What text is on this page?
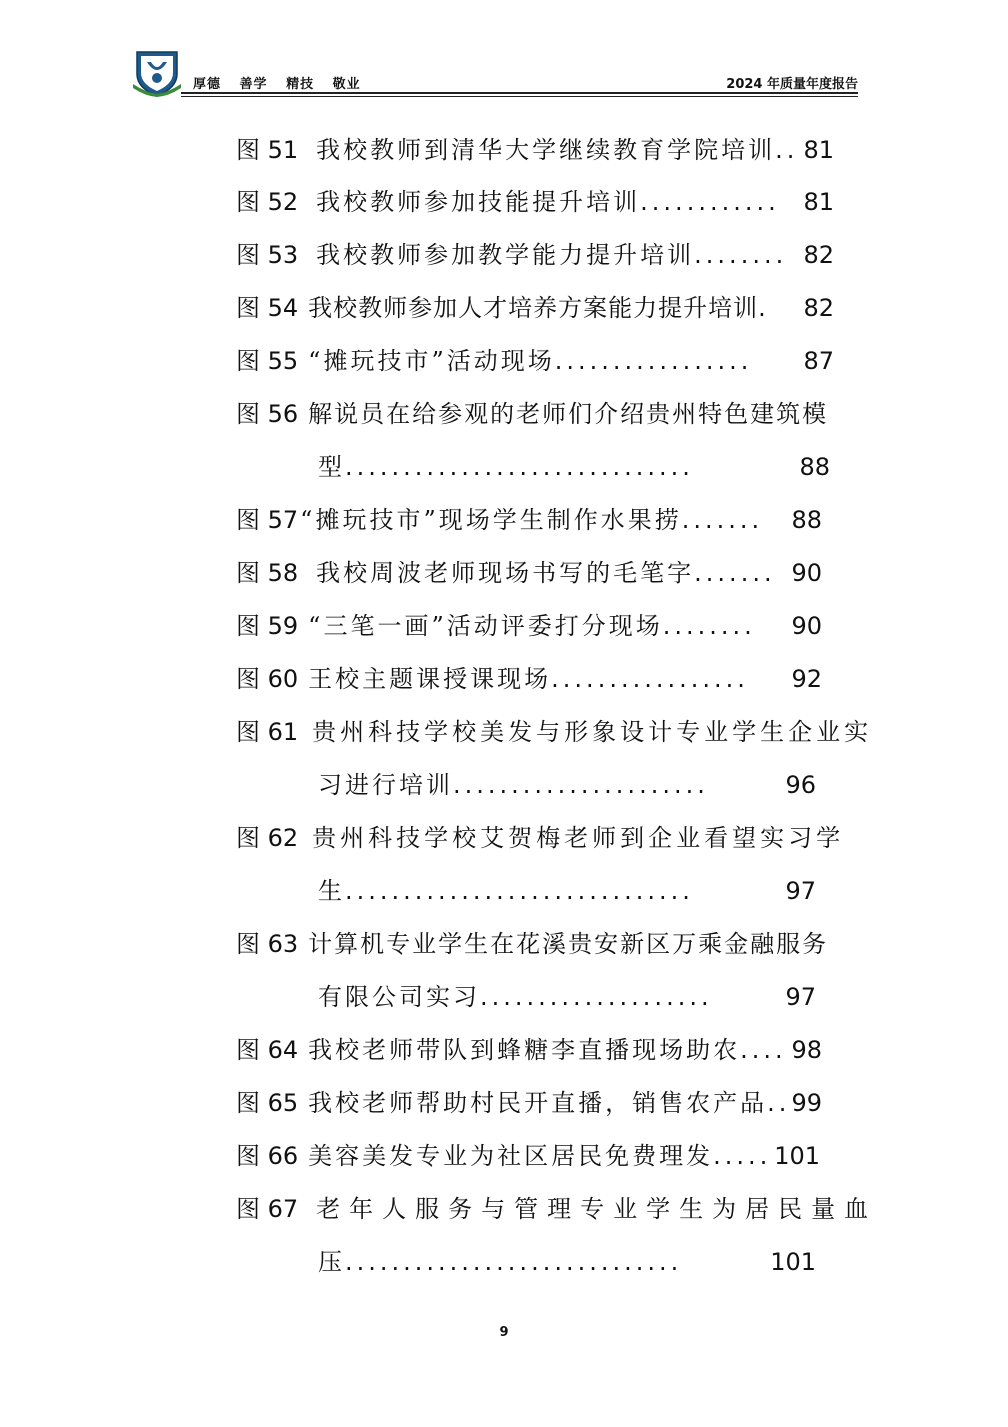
厚德 善学 精技 敬业	2024 年质量年度报告
图 51 我校教师到清华大学继续教育学院培训 .. 81
图 52 我校教师参加技能提升培训 ............ 81
图 53 我校教师参加教学能力提升培训 ........ 82
图 54 我校教师参加人才培养方案能力提升培训 .	82
图 55 “摊玩技市”活动现场 .................	87
图 56 解说员在给参观的老师们介绍贵州特色建筑模
型 ..............................	88
图 57 “摊玩技市”现场学生制作水果捞 .......	88
图 58 我校周波老师现场书写的毛笔字 ....... 90
图 59 “三笔一画”活动评委打分现场 ........	90
图 60 王校主题课授课现场 .................	92
图 61 贵州科技学校美发与形象设计专业学生企业实
习进行培训 ......................	96
图 62 贵州科技学校艾贺梅老师到企业看望实习学
生 ..............................	97
图 63 计算机专业学生在花溪贵安新区万乘金融服务
有限公司实习 ....................	97
图 64 我校老师带队到蜂糖李直播现场助农 .... 98
图 65 我校老师帮助村民开直播，销售农产品 .. 99
图 66 美容美发专业为社区居民免费理发 ..... 101
图 67 老年人服务与管理专业学生为居民量血
压 .............................	101
9
